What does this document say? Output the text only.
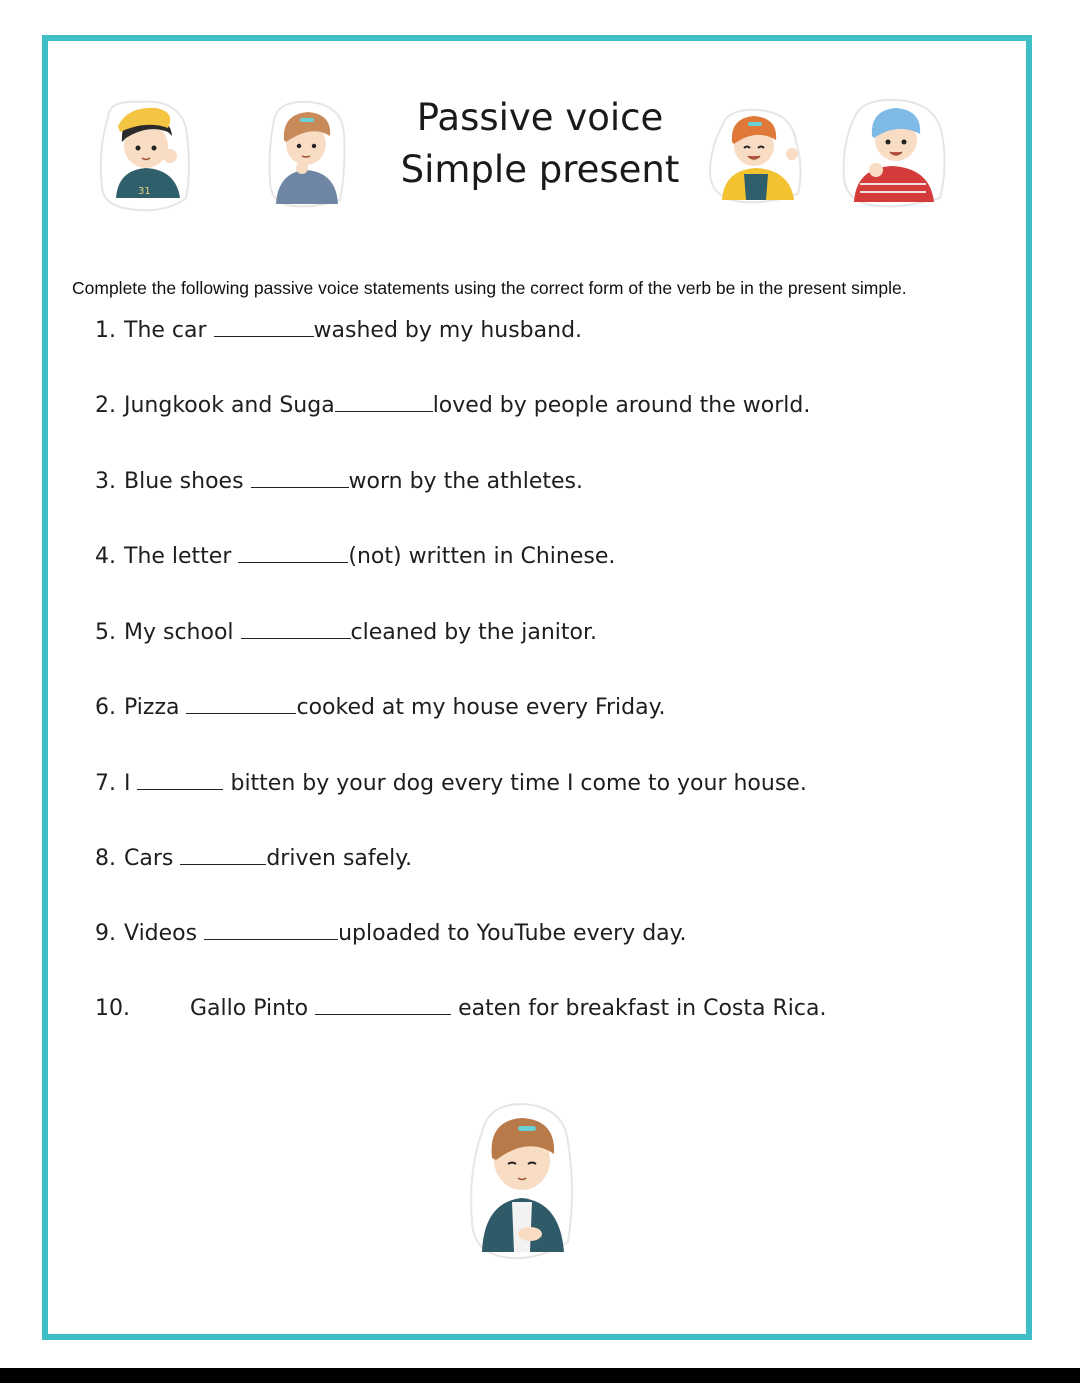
31
Passive voice
Simple present
Complete the following passive voice statements using the correct form of the verb be in the present simple.
1. The car	washed by my husband.
2. Jungkook and Suga	loved by people around the world.
3. Blue shoes	worn by the athletes.
4. The letter	(not) written in Chinese.
5. My school	cleaned by the janitor.
6. Pizza	cooked at my house every Friday.
7. I	bitten by your dog every time I come to your house.
8. Cars	driven safely.
9. Videos	uploaded to YouTube every day.
10.	Gallo Pinto	eaten for breakfast in Costa Rica.
